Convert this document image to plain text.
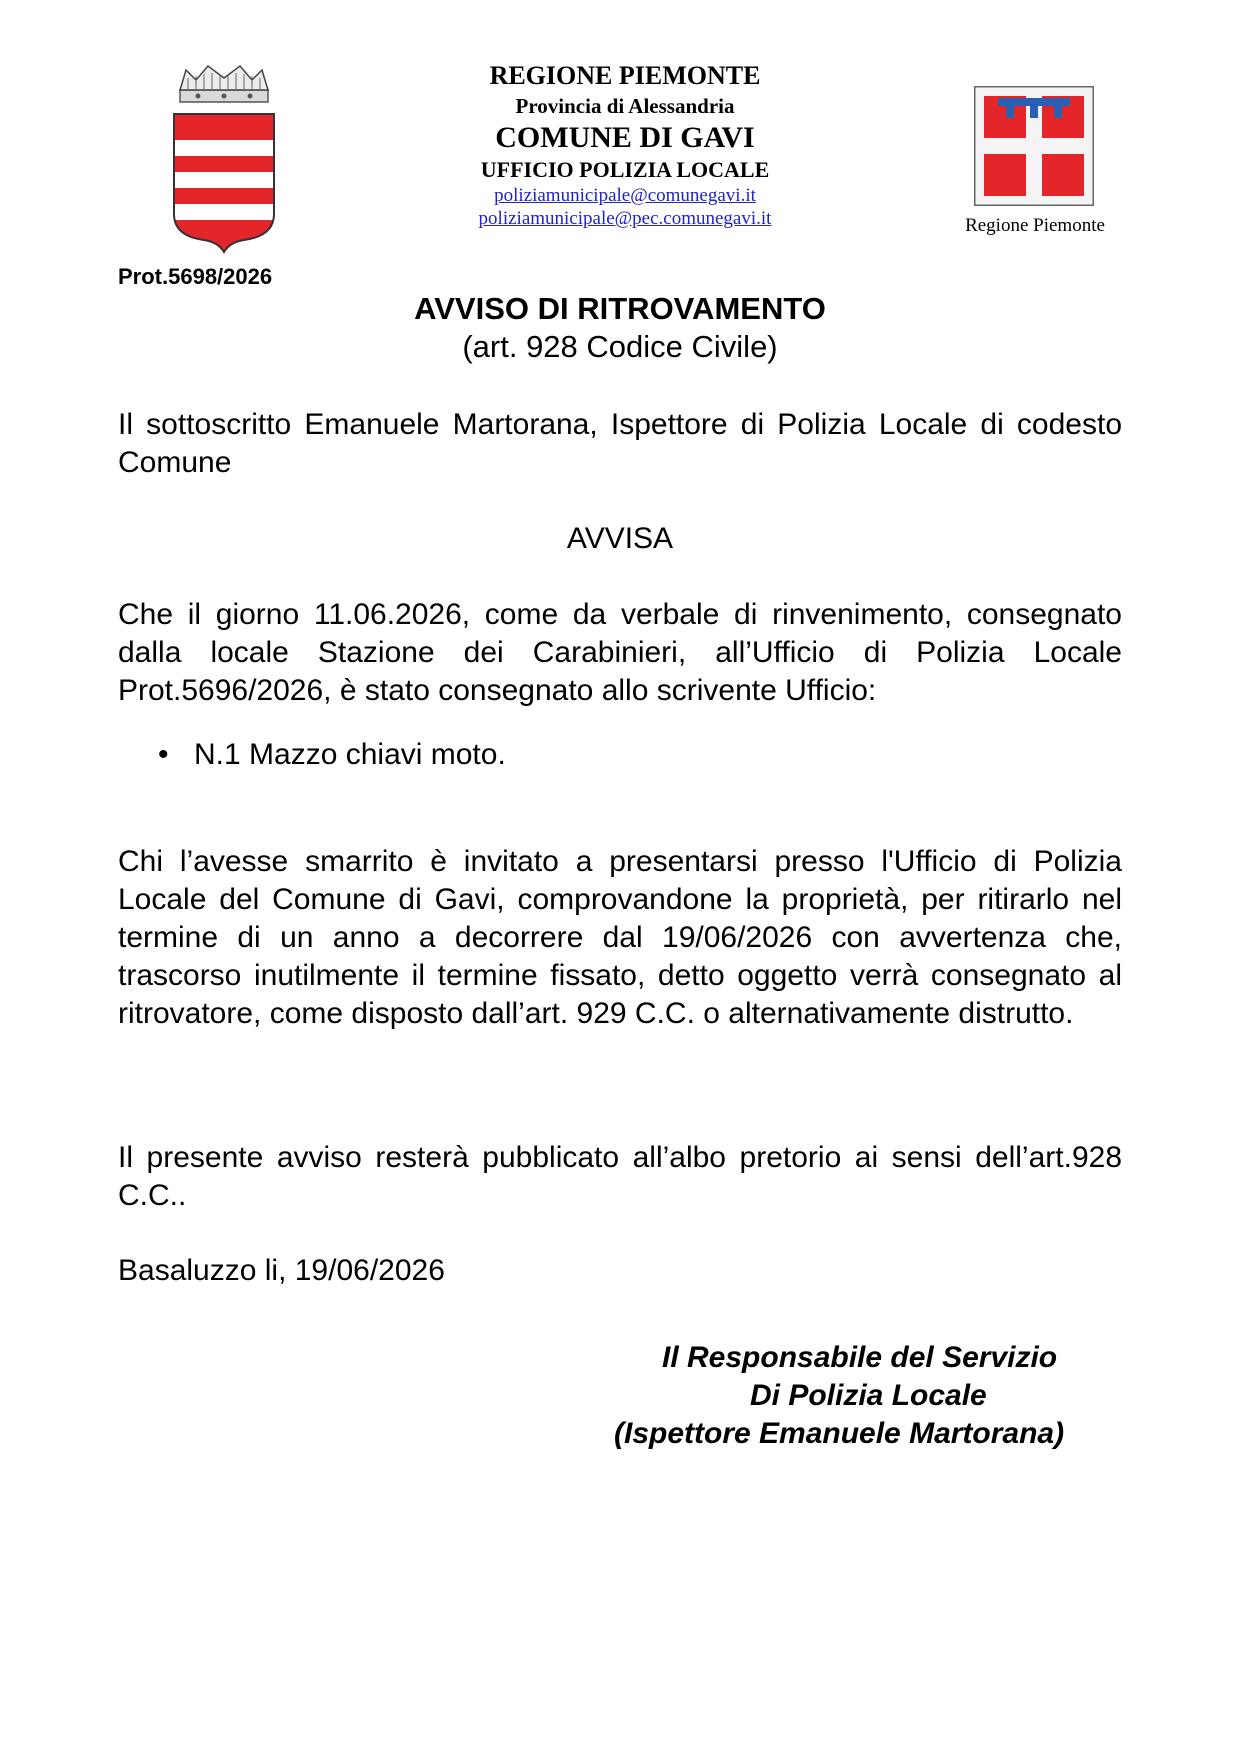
REGIONE PIEMONTE
Provincia di Alessandria
COMUNE DI GAVI
UFFICIO POLIZIA LOCALE
poliziamunicipale@comunegavi.it
poliziamunicipale@pec.comunegavi.it	Regione Piemonte
Prot.5698/2026
AVVISO DI RITROVAMENTO
(art. 928 Codice Civile)
Il sottoscritto Emanuele Martorana, Ispettore di Polizia Locale di codesto Comune
AVVISA
Che il giorno 11.06.2026, come da verbale di rinvenimento, consegnato dalla locale Stazione dei Carabinieri, all’Ufficio di Polizia Locale Prot.5696/2026, è stato consegnato allo scrivente Ufficio:
• N.1 Mazzo chiavi moto.
Chi l’avesse smarrito è invitato a presentarsi presso l'Ufficio di Polizia Locale del Comune di Gavi, comprovandone la proprietà, per ritirarlo nel termine di un anno a decorrere dal 19/06/2026 con avvertenza che, trascorso inutilmente il termine fissato, detto oggetto verrà consegnato al ritrovatore, come disposto dall’art. 929 C.C. o alternativamente distrutto.
Il presente avviso resterà pubblicato all’albo pretorio ai sensi dell’art.928 C.C..
Basaluzzo li, 19/06/2026
Il Responsabile del Servizio
Di Polizia Locale
(Ispettore Emanuele Martorana)
